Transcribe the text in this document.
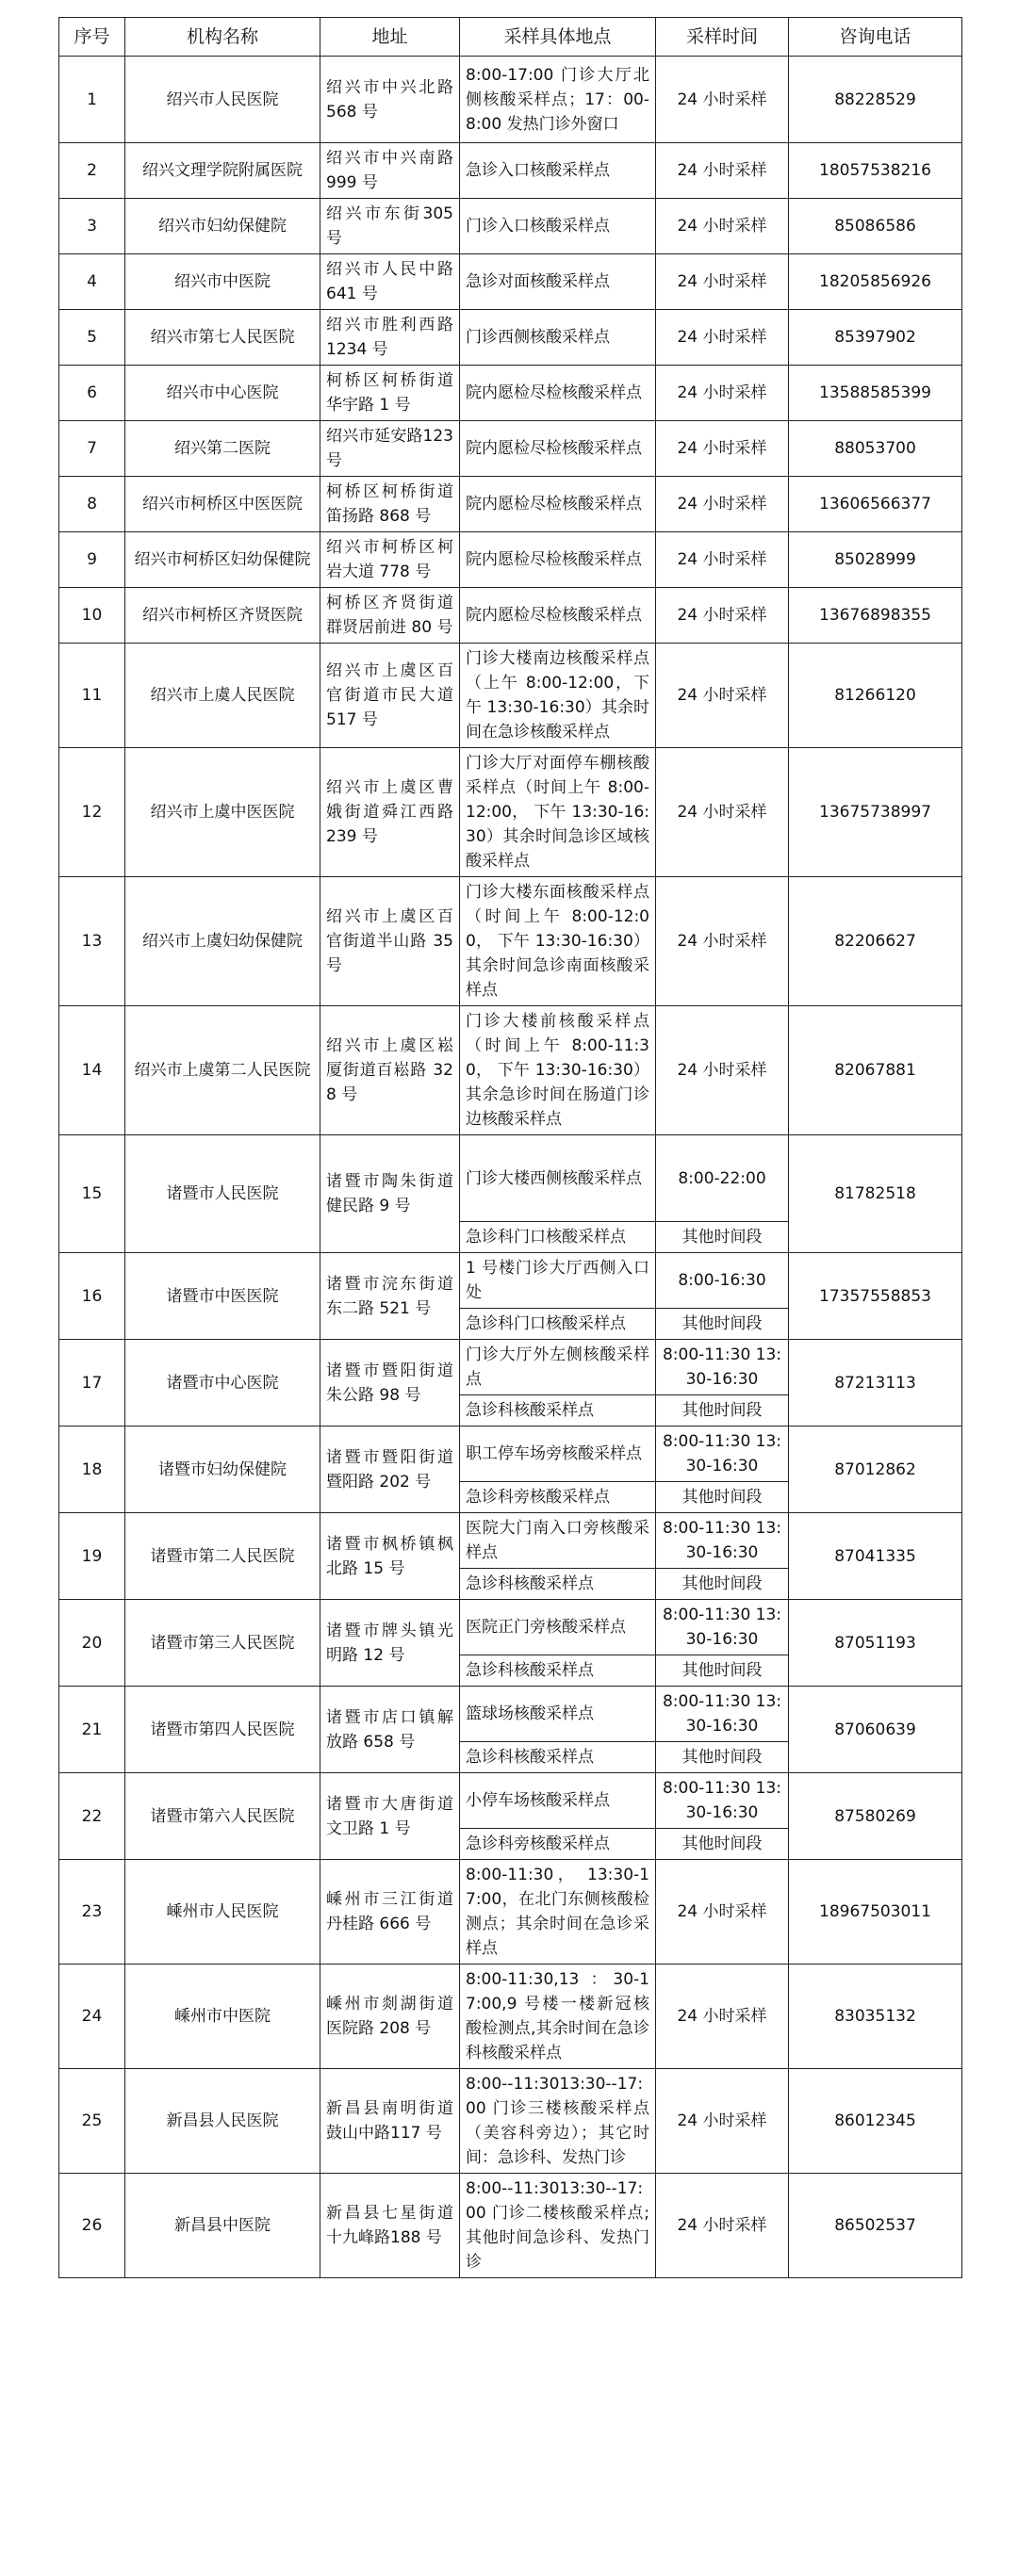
序号	机构名称	地址	采样具体地点	采样时间	咨询电话
1	绍兴市人民医院	绍兴市中兴北路 568 号	8:00-17:00 门诊大厅北侧核酸采样点；17：00-8:00 发热门诊外窗口	24 小时采样	88228529
2	绍兴文理学院附属医院	绍兴市中兴南路 999 号	急诊入口核酸采样点	24 小时采样	18057538216
3	绍兴市妇幼保健院	绍兴市东街305 号	门诊入口核酸采样点	24 小时采样	85086586
4	绍兴市中医院	绍兴市人民中路 641 号	急诊对面核酸采样点	24 小时采样	18205856926
5	绍兴市第七人民医院	绍兴市胜利西路 1234 号	门诊西侧核酸采样点	24 小时采样	85397902
6	绍兴市中心医院	柯桥区柯桥街道华宇路 1 号	院内愿检尽检核酸采样点	24 小时采样	13588585399
7	绍兴第二医院	绍兴市延安路123 号	院内愿检尽检核酸采样点	24 小时采样	88053700
8	绍兴市柯桥区中医医院	柯桥区柯桥街道笛扬路 868 号	院内愿检尽检核酸采样点	24 小时采样	13606566377
9	绍兴市柯桥区妇幼保健院	绍兴市柯桥区柯岩大道 778 号	院内愿检尽检核酸采样点	24 小时采样	85028999
10	绍兴市柯桥区齐贤医院	柯桥区齐贤街道群贤居前进 80 号	院内愿检尽检核酸采样点	24 小时采样	13676898355
11	绍兴市上虞人民医院	绍兴市上虞区百官街道市民大道 517 号	门诊大楼南边核酸采样点（上午 8:00-12:00，下午 13:30-16:30）其余时间在急诊核酸采样点	24 小时采样	81266120
12	绍兴市上虞中医医院	绍兴市上虞区曹娥街道舜江西路 239 号	门诊大厅对面停车棚核酸采样点（时间上午 8:00-12:00， 下午 13:30-16:30）其余时间急诊区域核酸采样点	24 小时采样	13675738997
13	绍兴市上虞妇幼保健院	绍兴市上虞区百官街道半山路 35 号	门诊大楼东面核酸采样点（时间上午 8:00-12:00， 下午 13:30-16:30）其余时间急诊南面核酸采样点	24 小时采样	82206627
14	绍兴市上虞第二人民医院	绍兴市上虞区崧厦街道百崧路 328 号	门诊大楼前核酸采样点（时间上午 8:00-11:30， 下午 13:30-16:30）其余急诊时间在肠道门诊边核酸采样点	24 小时采样	82067881
15	诸暨市人民医院	诸暨市陶朱街道健民路 9 号	门诊大楼西侧核酸采样点	8:00-22:00	81782518
			急诊科门口核酸采样点	其他时间段	
16	诸暨市中医医院	诸暨市浣东街道东二路 521 号	1 号楼门诊大厅西侧入口处	8:00-16:30	17357558853
			急诊科门口核酸采样点	其他时间段	
17	诸暨市中心医院	诸暨市暨阳街道朱公路 98 号	门诊大厅外左侧核酸采样点	8:00-11:30 13:30-16:30	87213113
			急诊科核酸采样点	其他时间段	
18	诸暨市妇幼保健院	诸暨市暨阳街道暨阳路 202 号	职工停车场旁核酸采样点	8:00-11:30 13:30-16:30	87012862
			急诊科旁核酸采样点	其他时间段	
19	诸暨市第二人民医院	诸暨市枫桥镇枫北路 15 号	医院大门南入口旁核酸采样点	8:00-11:30 13:30-16:30	87041335
			急诊科核酸采样点	其他时间段	
20	诸暨市第三人民医院	诸暨市牌头镇光明路 12 号	医院正门旁核酸采样点	8:00-11:30 13:30-16:30	87051193
			急诊科核酸采样点	其他时间段	
21	诸暨市第四人民医院	诸暨市店口镇解放路 658 号	篮球场核酸采样点	8:00-11:30 13:30-16:30	87060639
			急诊科核酸采样点	其他时间段	
22	诸暨市第六人民医院	诸暨市大唐街道文卫路 1 号	小停车场核酸采样点	8:00-11:30 13:30-16:30	87580269
			急诊科旁核酸采样点	其他时间段	
23	嵊州市人民医院	嵊州市三江街道丹桂路 666 号	8:00-11:30， 13:30-17:00，在北门东侧核酸检测点；其余时间在急诊采样点	24 小时采样	18967503011
24	嵊州市中医院	嵊州市剡湖街道医院路 208 号	8:00-11:30,13 ：30-17:00,9 号楼一楼新冠核酸检测点,其余时间在急诊科核酸采样点	24 小时采样	83035132
25	新昌县人民医院	新昌县南明街道鼓山中路117 号	8:00--11:3013:30--17:00 门诊三楼核酸采样点（美容科旁边）；其它时间：急诊科、发热门诊	24 小时采样	86012345
26	新昌县中医院	新昌县七星街道十九峰路188 号	8:00--11:3013:30--17:00 门诊二楼核酸采样点;其他时间急诊科、发热门诊	24 小时采样	86502537
